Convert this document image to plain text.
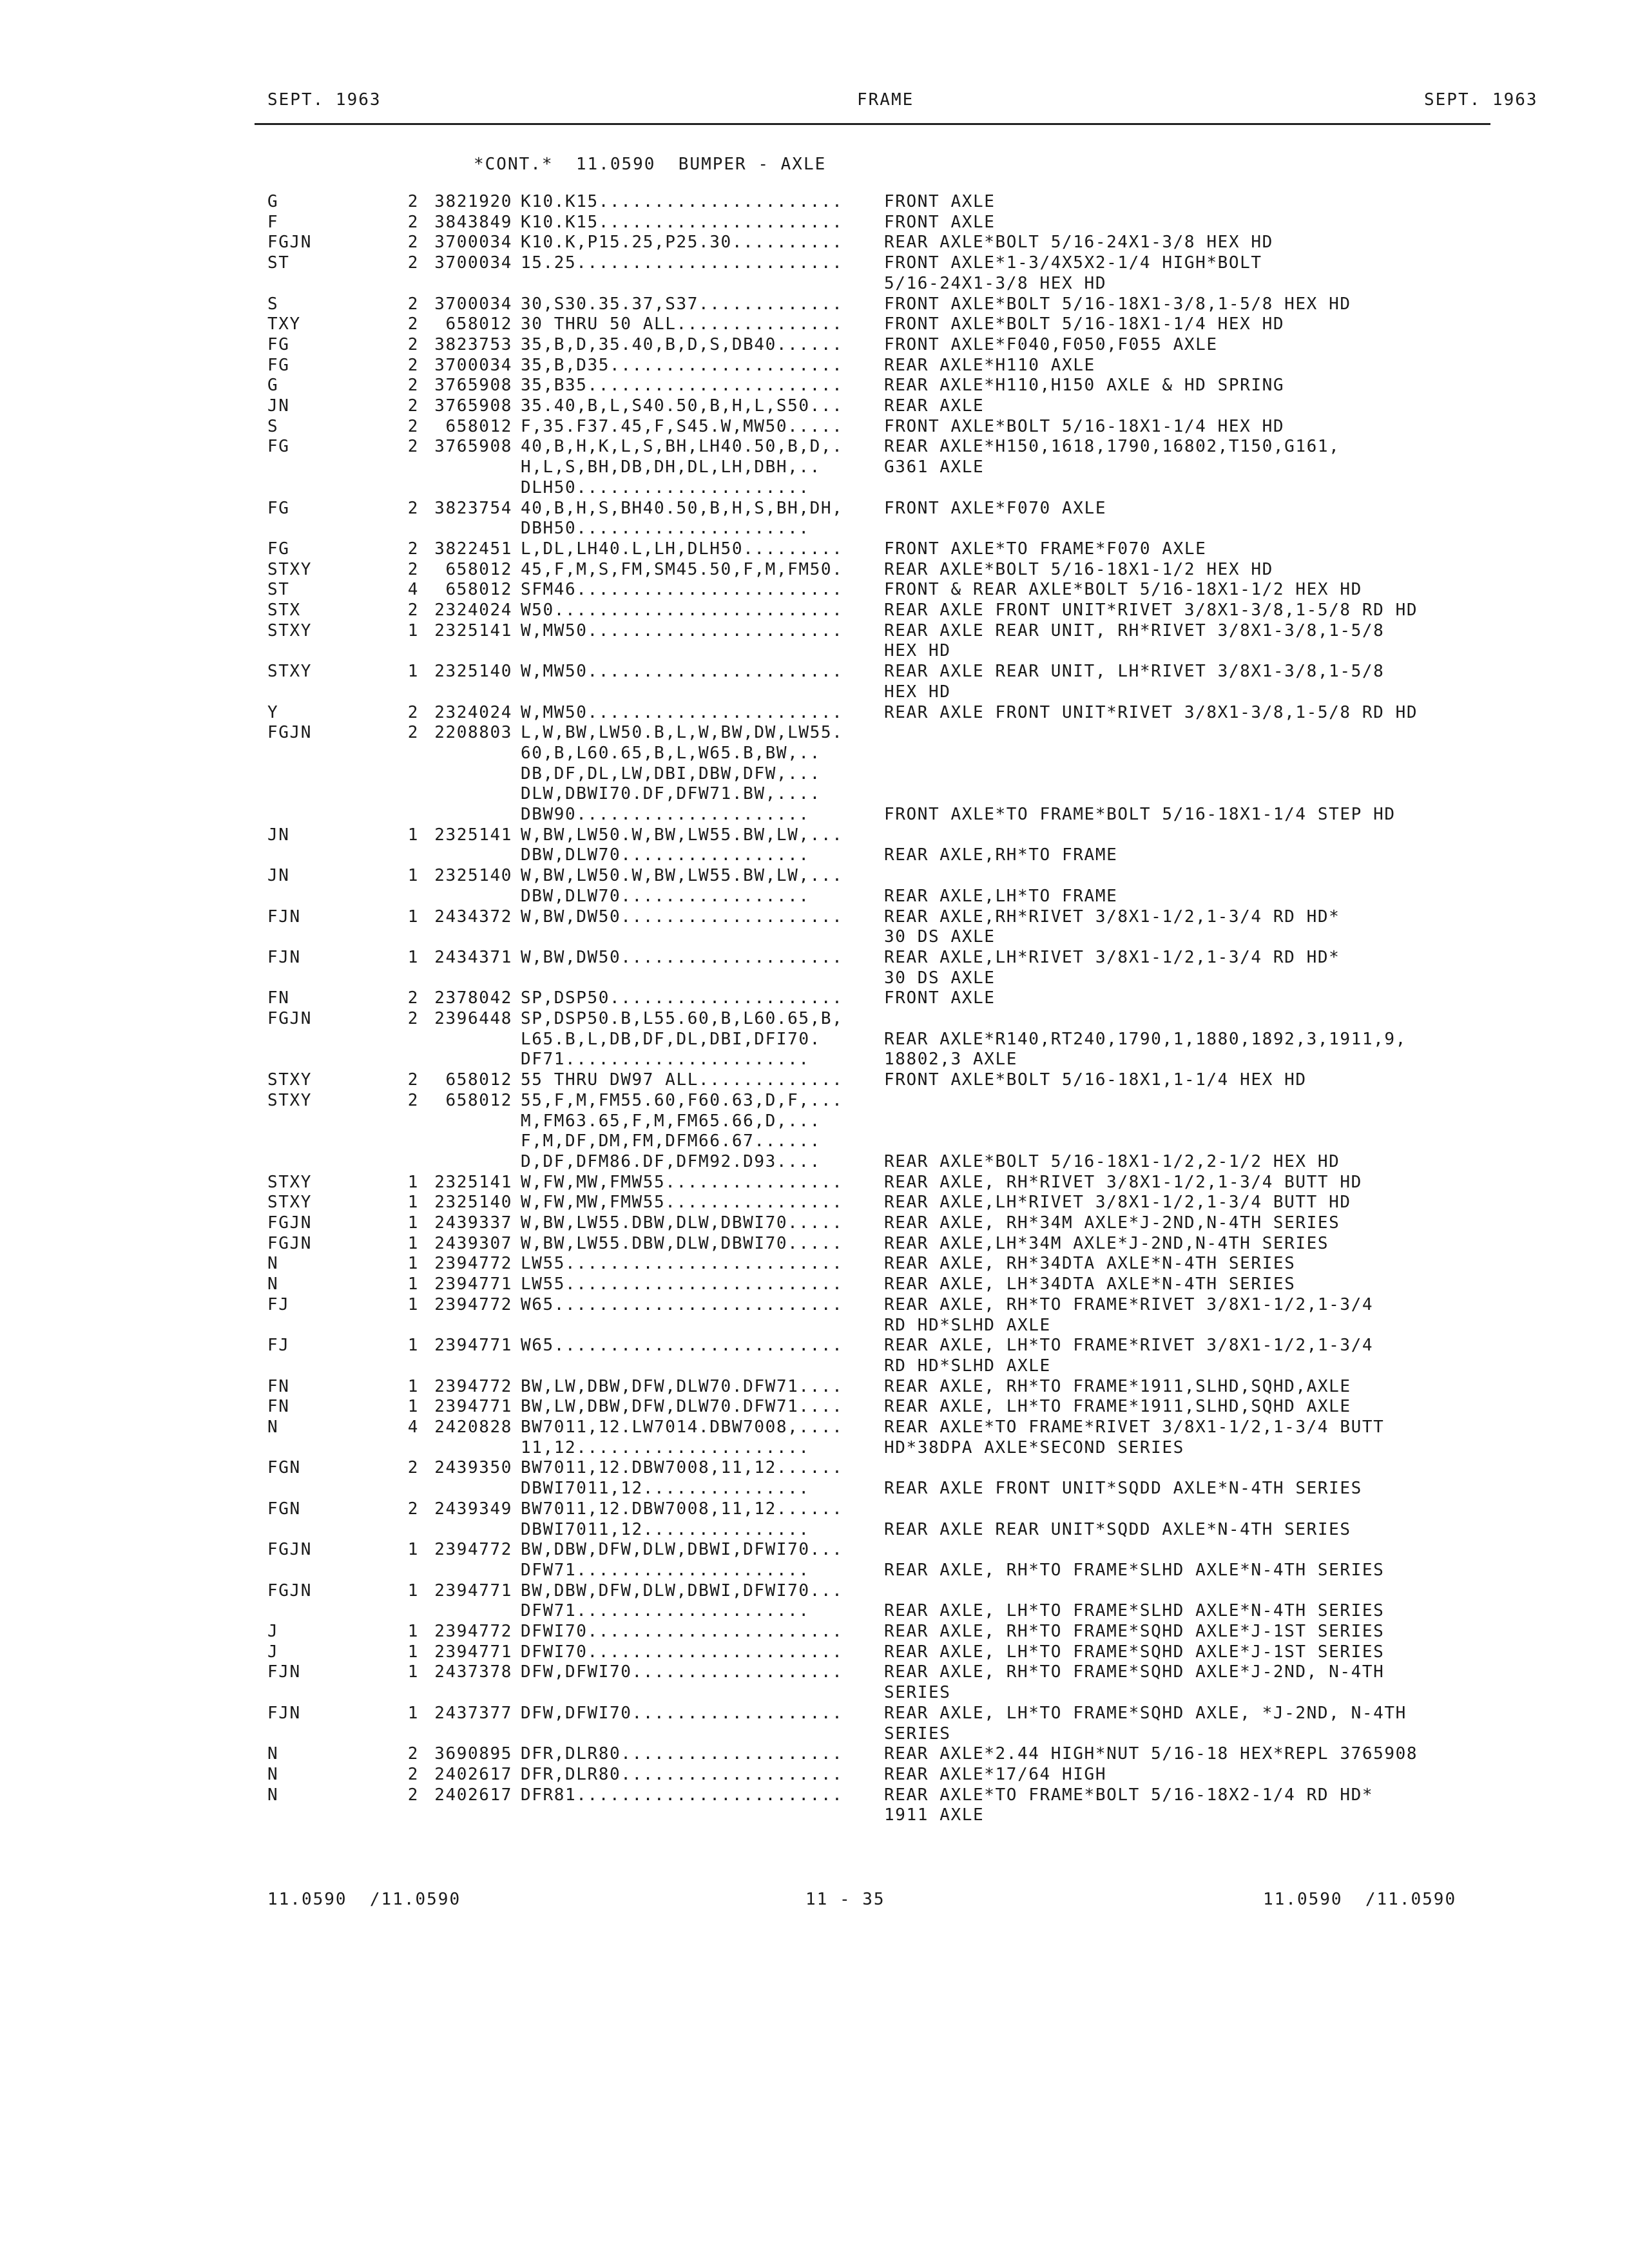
SEPT. 1963	FRAME	SEPT. 1963
*CONT.*  11.0590  BUMPER - AXLE
G	2 3821920 K10.K15...................... FRONT AXLE
F	2 3843849 K10.K15...................... FRONT AXLE
FGJN	2 3700034 K10.K,P15.25,P25.30.......... REAR AXLE*BOLT 5/16-24X1-3/8 HEX HD
ST	2 3700034 15.25........................ FRONT AXLE*1-3/4X5X2-1/4 HIGH*BOLT
5/16-24X1-3/8 HEX HD
S	2 3700034 30,S30.35.37,S37............. FRONT AXLE*BOLT 5/16-18X1-3/8,1-5/8 HEX HD
TXY	2	658012 30 THRU 50 ALL............... FRONT AXLE*BOLT 5/16-18X1-1/4 HEX HD
FG	2 3823753 35,B,D,35.40,B,D,S,DB40...... FRONT AXLE*F040,F050,F055 AXLE
FG	2 3700034 35,B,D35..................... REAR AXLE*H110 AXLE
G	2 3765908 35,B35....................... REAR AXLE*H110,H150 AXLE & HD SPRING
JN	2 3765908 35.40,B,L,S40.50,B,H,L,S50... REAR AXLE
S	2	658012 F,35.F37.45,F,S45.W,MW50..... FRONT AXLE*BOLT 5/16-18X1-1/4 HEX HD
FG	2 3765908 40,B,H,K,L,S,BH,LH40.50,B,D,. REAR AXLE*H150,1618,1790,16802,T150,G161,
H,L,S,BH,DB,DH,DL,LH,DBH,..	G361 AXLE
DLH50.....................
FG	2 3823754 40,B,H,S,BH40.50,B,H,S,BH,DH, FRONT AXLE*F070 AXLE
DBH50.....................
FG	2 3822451 L,DL,LH40.L,LH,DLH50......... FRONT AXLE*TO FRAME*F070 AXLE
STXY	2	658012 45,F,M,S,FM,SM45.50,F,M,FM50. REAR AXLE*BOLT 5/16-18X1-1/2 HEX HD
ST	4	658012 SFM46........................ FRONT & REAR AXLE*BOLT 5/16-18X1-1/2 HEX HD
STX	2 2324024 W50.......................... REAR AXLE FRONT UNIT*RIVET 3/8X1-3/8,1-5/8 RD HD
STXY	1 2325141 W,MW50....................... REAR AXLE REAR UNIT, RH*RIVET 3/8X1-3/8,1-5/8
HEX HD
STXY	1 2325140 W,MW50....................... REAR AXLE REAR UNIT, LH*RIVET 3/8X1-3/8,1-5/8
HEX HD
Y	2 2324024 W,MW50....................... REAR AXLE FRONT UNIT*RIVET 3/8X1-3/8,1-5/8 RD HD
FGJN	2 2208803 L,W,BW,LW50.B,L,W,BW,DW,LW55.
60,B,L60.65,B,L,W65.B,BW,..
DB,DF,DL,LW,DBI,DBW,DFW,...
DLW,DBWI70.DF,DFW71.BW,....
DBW90.....................	FRONT AXLE*TO FRAME*BOLT 5/16-18X1-1/4 STEP HD
JN	1 2325141 W,BW,LW50.W,BW,LW55.BW,LW,...
DBW,DLW70.................	REAR AXLE,RH*TO FRAME
JN	1 2325140 W,BW,LW50.W,BW,LW55.BW,LW,...
DBW,DLW70.................	REAR AXLE,LH*TO FRAME
FJN	1 2434372 W,BW,DW50.................... REAR AXLE,RH*RIVET 3/8X1-1/2,1-3/4 RD HD*
30 DS AXLE
FJN	1 2434371 W,BW,DW50.................... REAR AXLE,LH*RIVET 3/8X1-1/2,1-3/4 RD HD*
30 DS AXLE
FN	2 2378042 SP,DSP50..................... FRONT AXLE
FGJN	2 2396448 SP,DSP50.B,L55.60,B,L60.65,B,
L65.B,L,DB,DF,DL,DBI,DFI70.	REAR AXLE*R140,RT240,1790,1,1880,1892,3,1911,9,
DF71......................	18802,3 AXLE
STXY	2	658012 55 THRU DW97 ALL............. FRONT AXLE*BOLT 5/16-18X1,1-1/4 HEX HD
STXY	2	658012 55,F,M,FM55.60,F60.63,D,F,...
M,FM63.65,F,M,FM65.66,D,...
F,M,DF,DM,FM,DFM66.67......
D,DF,DFM86.DF,DFM92.D93....	REAR AXLE*BOLT 5/16-18X1-1/2,2-1/2 HEX HD
STXY	1 2325141 W,FW,MW,FMW55................ REAR AXLE, RH*RIVET 3/8X1-1/2,1-3/4 BUTT HD
STXY	1 2325140 W,FW,MW,FMW55................ REAR AXLE,LH*RIVET 3/8X1-1/2,1-3/4 BUTT HD
FGJN	1 2439337 W,BW,LW55.DBW,DLW,DBWI70..... REAR AXLE, RH*34M AXLE*J-2ND,N-4TH SERIES
FGJN	1 2439307 W,BW,LW55.DBW,DLW,DBWI70..... REAR AXLE,LH*34M AXLE*J-2ND,N-4TH SERIES
N	1 2394772 LW55......................... REAR AXLE, RH*34DTA AXLE*N-4TH SERIES
N	1 2394771 LW55......................... REAR AXLE, LH*34DTA AXLE*N-4TH SERIES
FJ	1 2394772 W65.......................... REAR AXLE, RH*TO FRAME*RIVET 3/8X1-1/2,1-3/4
RD HD*SLHD AXLE
FJ	1 2394771 W65.......................... REAR AXLE, LH*TO FRAME*RIVET 3/8X1-1/2,1-3/4
RD HD*SLHD AXLE
FN	1 2394772 BW,LW,DBW,DFW,DLW70.DFW71.... REAR AXLE, RH*TO FRAME*1911,SLHD,SQHD,AXLE
FN	1 2394771 BW,LW,DBW,DFW,DLW70.DFW71.... REAR AXLE, LH*TO FRAME*1911,SLHD,SQHD AXLE
N	4 2420828 BW7011,12.LW7014.DBW7008,.... REAR AXLE*TO FRAME*RIVET 3/8X1-1/2,1-3/4 BUTT
11,12.....................	HD*38DPA AXLE*SECOND SERIES
FGN	2 2439350 BW7011,12.DBW7008,11,12......
DBWI7011,12...............	REAR AXLE FRONT UNIT*SQDD AXLE*N-4TH SERIES
FGN	2 2439349 BW7011,12.DBW7008,11,12......
DBWI7011,12...............	REAR AXLE REAR UNIT*SQDD AXLE*N-4TH SERIES
FGJN	1 2394772 BW,DBW,DFW,DLW,DBWI,DFWI70...
DFW71.....................	REAR AXLE, RH*TO FRAME*SLHD AXLE*N-4TH SERIES
FGJN	1 2394771 BW,DBW,DFW,DLW,DBWI,DFWI70...
DFW71.....................	REAR AXLE, LH*TO FRAME*SLHD AXLE*N-4TH SERIES
J	1 2394772 DFWI70....................... REAR AXLE, RH*TO FRAME*SQHD AXLE*J-1ST SERIES
J	1 2394771 DFWI70....................... REAR AXLE, LH*TO FRAME*SQHD AXLE*J-1ST SERIES
FJN	1 2437378 DFW,DFWI70................... REAR AXLE, RH*TO FRAME*SQHD AXLE*J-2ND, N-4TH
SERIES
FJN	1 2437377 DFW,DFWI70................... REAR AXLE, LH*TO FRAME*SQHD AXLE, *J-2ND, N-4TH
SERIES
N	2 3690895 DFR,DLR80.................... REAR AXLE*2.44 HIGH*NUT 5/16-18 HEX*REPL 3765908
N	2 2402617 DFR,DLR80.................... REAR AXLE*17/64 HIGH
N	2 2402617 DFR81........................ REAR AXLE*TO FRAME*BOLT 5/16-18X2-1/4 RD HD*
1911 AXLE
11.0590  /11.0590	11 - 35	11.0590  /11.0590
